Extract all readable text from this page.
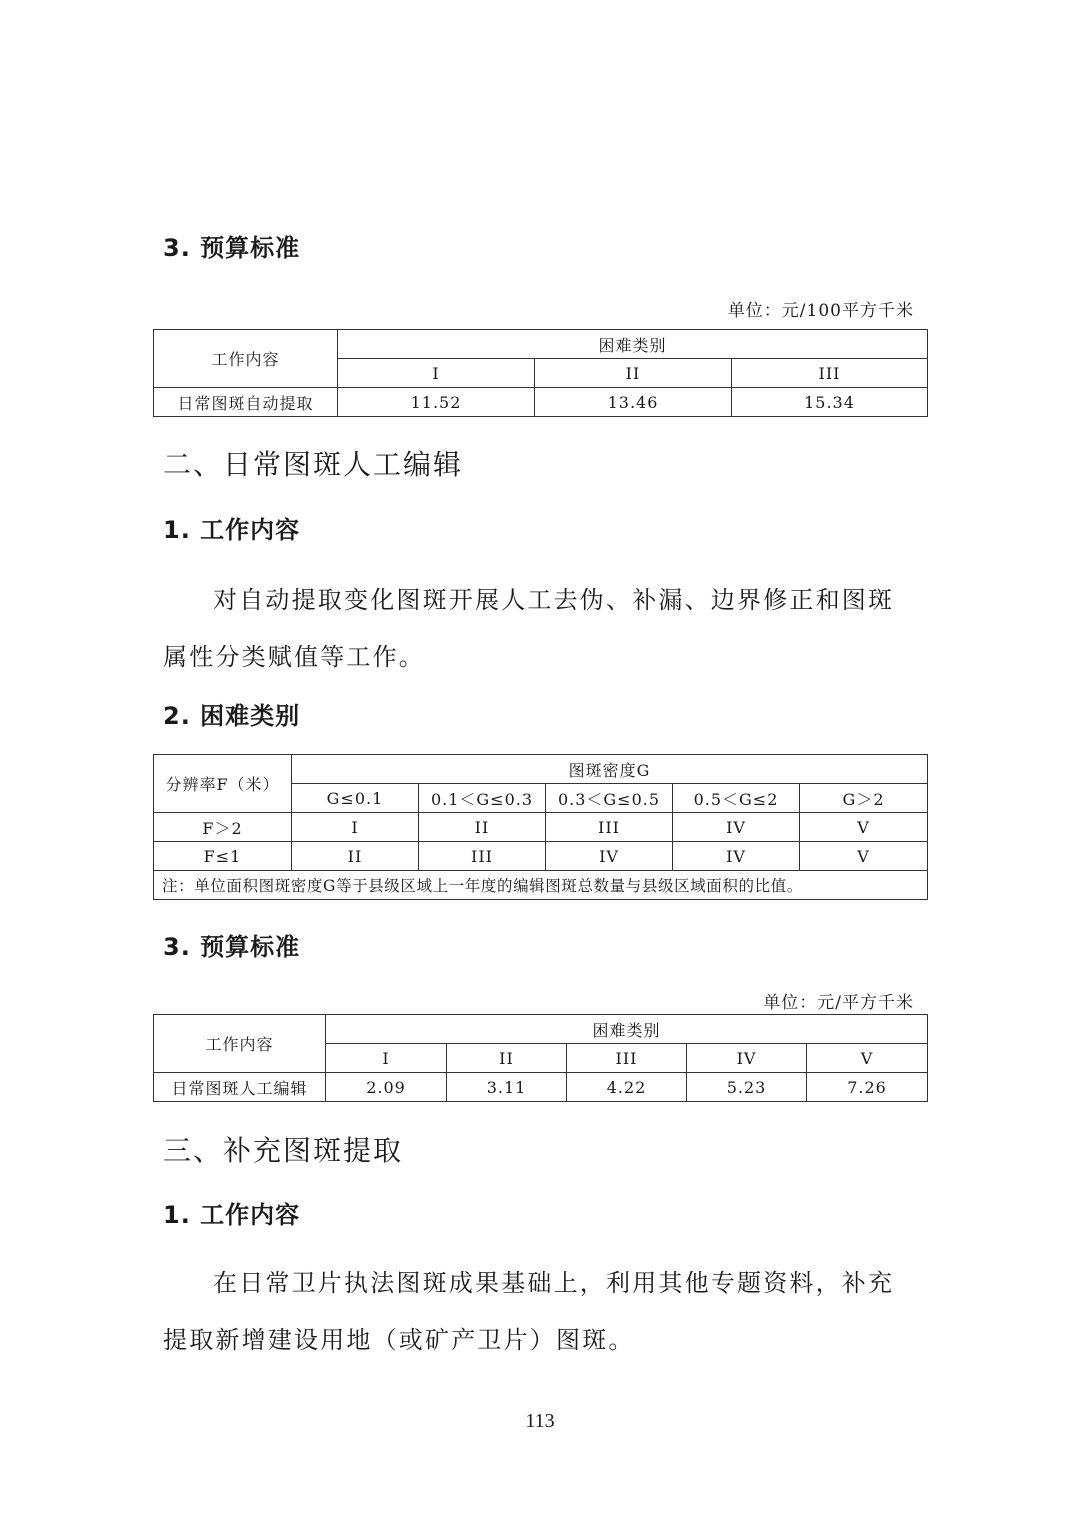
3. 预算标准
单位：元/100平方千米
工作内容	困难类别		
	I	II	III
日常图斑自动提取	11.52	13.46	15.34
二、日常图斑人工编辑
1. 工作内容
对自动提取变化图斑开展人工去伪、补漏、边界修正和图斑属性分类赋值等工作。
2. 困难类别
分辨率F（米）	图斑密度G				
	G≤0.1	0.1＜G≤0.3	0.3＜G≤0.5	0.5＜G≤2	G＞2
F＞2	I	II	III	IV	V
F≤1	II	III	IV	IV	V
注：单位面积图斑密度G等于县级区域上一年度的编辑图斑总数量与县级区域面积的比值。					
3. 预算标准
单位：元/平方千米
工作内容	困难类别				
	I	II	III	IV	V
日常图斑人工编辑	2.09	3.11	4.22	5.23	7.26
三、补充图斑提取
1. 工作内容
在日常卫片执法图斑成果基础上，利用其他专题资料，补充提取新增建设用地（或矿产卫片）图斑。
113
